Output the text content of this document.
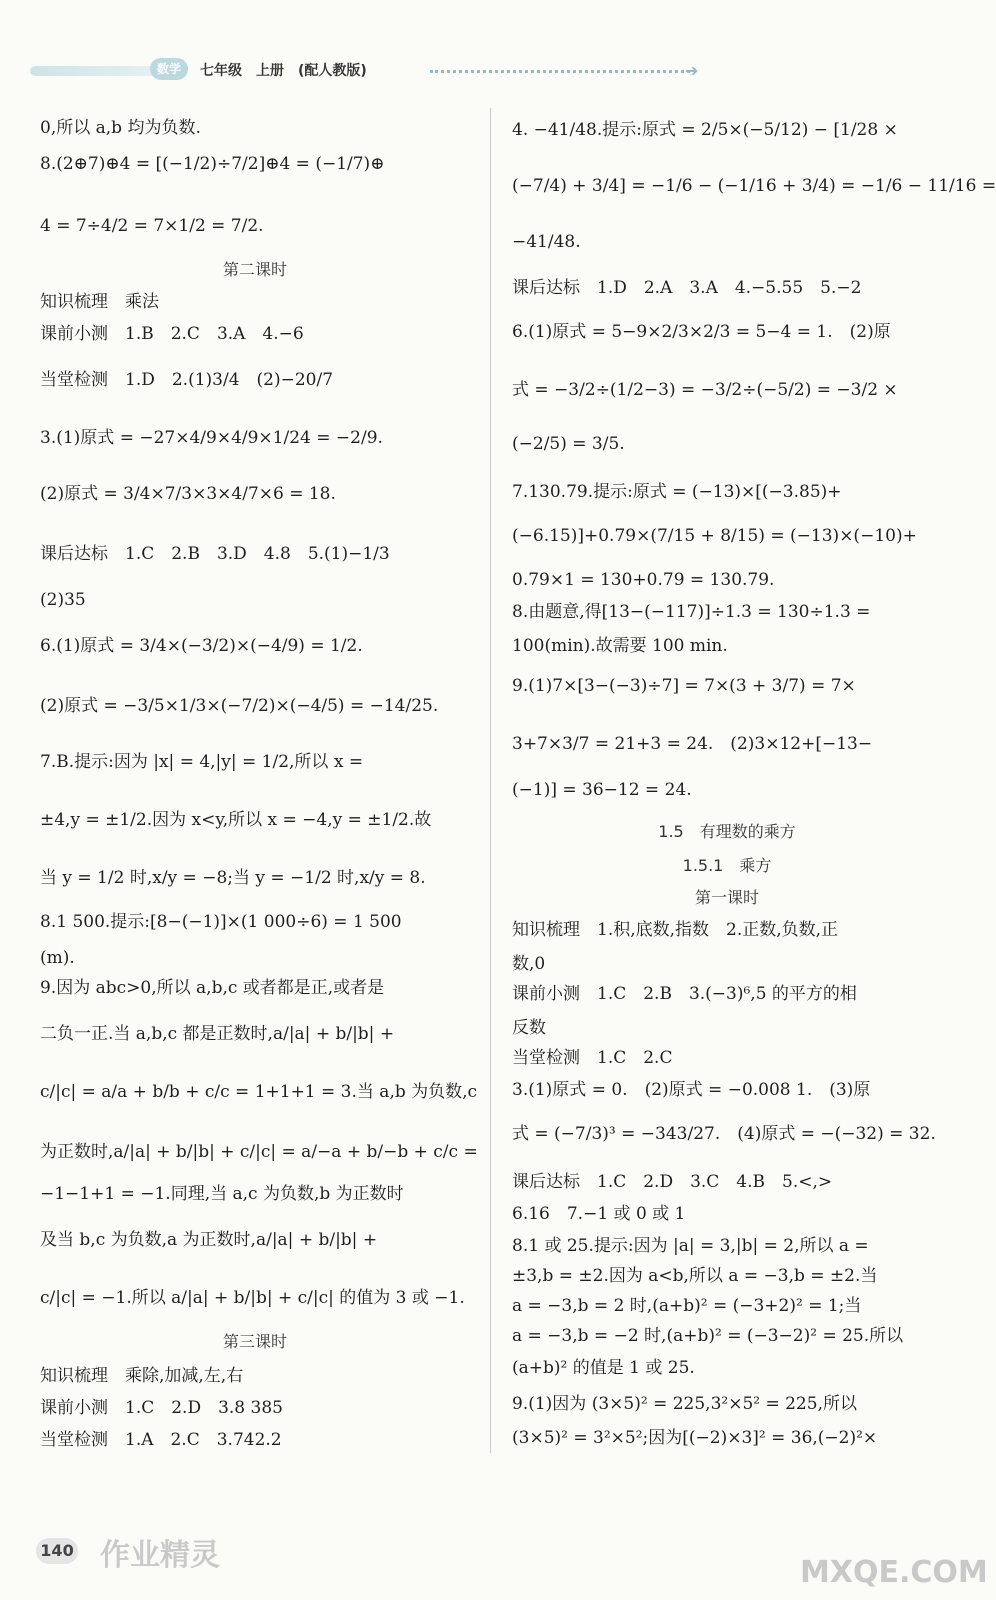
数学	七年级　上册　(配人教版)	➔

0,所以 a,b 均为负数.

8.(2⊕7)⊕4 = [(−1/2)÷7/2]⊕4 = (−1/7)⊕

4 = 7÷4/2 = 7×1/2 = 7/2.

第二课时

知识梳理　乘法

课前小测　1.B　2.C　3.A　4.−6

当堂检测　1.D　2.(1)3/4　(2)−20/7

3.(1)原式 = −27×4/9×4/9×1/24 = −2/9.

(2)原式 = 3/4×7/3×3×4/7×6 = 18.

课后达标　1.C　2.B　3.D　4.8　5.(1)−1/3

(2)35

6.(1)原式 = 3/4×(−3/2)×(−4/9) = 1/2.

(2)原式 = −3/5×1/3×(−7/2)×(−4/5) = −14/25.

7.B.提示:因为 |x| = 4,|y| = 1/2,所以 x =

±4,y = ±1/2.因为 x<y,所以 x = −4,y = ±1/2.故

当 y = 1/2 时,x/y = −8;当 y = −1/2 时,x/y = 8.

8.1 500.提示:[8−(−1)]×(1 000÷6) = 1 500

(m).

9.因为 abc>0,所以 a,b,c 或者都是正,或者是

二负一正.当 a,b,c 都是正数时,a/|a| + b/|b| +

c/|c| = a/a + b/b + c/c = 1+1+1 = 3.当 a,b 为负数,c

为正数时,a/|a| + b/|b| + c/|c| = a/−a + b/−b + c/c =

−1−1+1 = −1.同理,当 a,c 为负数,b 为正数时

及当 b,c 为负数,a 为正数时,a/|a| + b/|b| +

c/|c| = −1.所以 a/|a| + b/|b| + c/|c| 的值为 3 或 −1.

第三课时

知识梳理　乘除,加减,左,右

课前小测　1.C　2.D　3.8 385

当堂检测　1.A　2.C　3.742.2

4. −41/48.提示:原式 = 2/5×(−5/12) − [1/28 ×

(−7/4) + 3/4] = −1/6 − (−1/16 + 3/4) = −1/6 − 11/16 =

−41/48.

课后达标　1.D　2.A　3.A　4.−5.55　5.−2

6.(1)原式 = 5−9×2/3×2/3 = 5−4 = 1.　(2)原

式 = −3/2÷(1/2−3) = −3/2÷(−5/2) = −3/2 ×

(−2/5) = 3/5.

7.130.79.提示:原式 = (−13)×[(−3.85)+

(−6.15)]+0.79×(7/15 + 8/15) = (−13)×(−10)+

0.79×1 = 130+0.79 = 130.79.

8.由题意,得[13−(−117)]÷1.3 = 130÷1.3 =

100(min).故需要 100 min.

9.(1)7×[3−(−3)÷7] = 7×(3 + 3/7) = 7×

3+7×3/7 = 21+3 = 24.　(2)3×12+[−13−

(−1)] = 36−12 = 24.

1.5　有理数的乘方

1.5.1　乘方

第一课时

知识梳理　1.积,底数,指数　2.正数,负数,正

数,0

课前小测　1.C　2.B　3.(−3)⁶,5 的平方的相

反数

当堂检测　1.C　2.C

3.(1)原式 = 0.　(2)原式 = −0.008 1.　(3)原

式 = (−7/3)³ = −343/27.　(4)原式 = −(−32) = 32.

课后达标　1.C　2.D　3.C　4.B　5.<,>

6.16　7.−1 或 0 或 1

8.1 或 25.提示:因为 |a| = 3,|b| = 2,所以 a =

±3,b = ±2.因为 a<b,所以 a = −3,b = ±2.当

a = −3,b = 2 时,(a+b)² = (−3+2)² = 1;当

a = −3,b = −2 时,(a+b)² = (−3−2)² = 25.所以

(a+b)² 的值是 1 或 25.

9.(1)因为 (3×5)² = 225,3²×5² = 225,所以

(3×5)² = 3²×5²;因为[(−2)×3]² = 36,(−2)²×

140 作业精灵	MXQE.COM
